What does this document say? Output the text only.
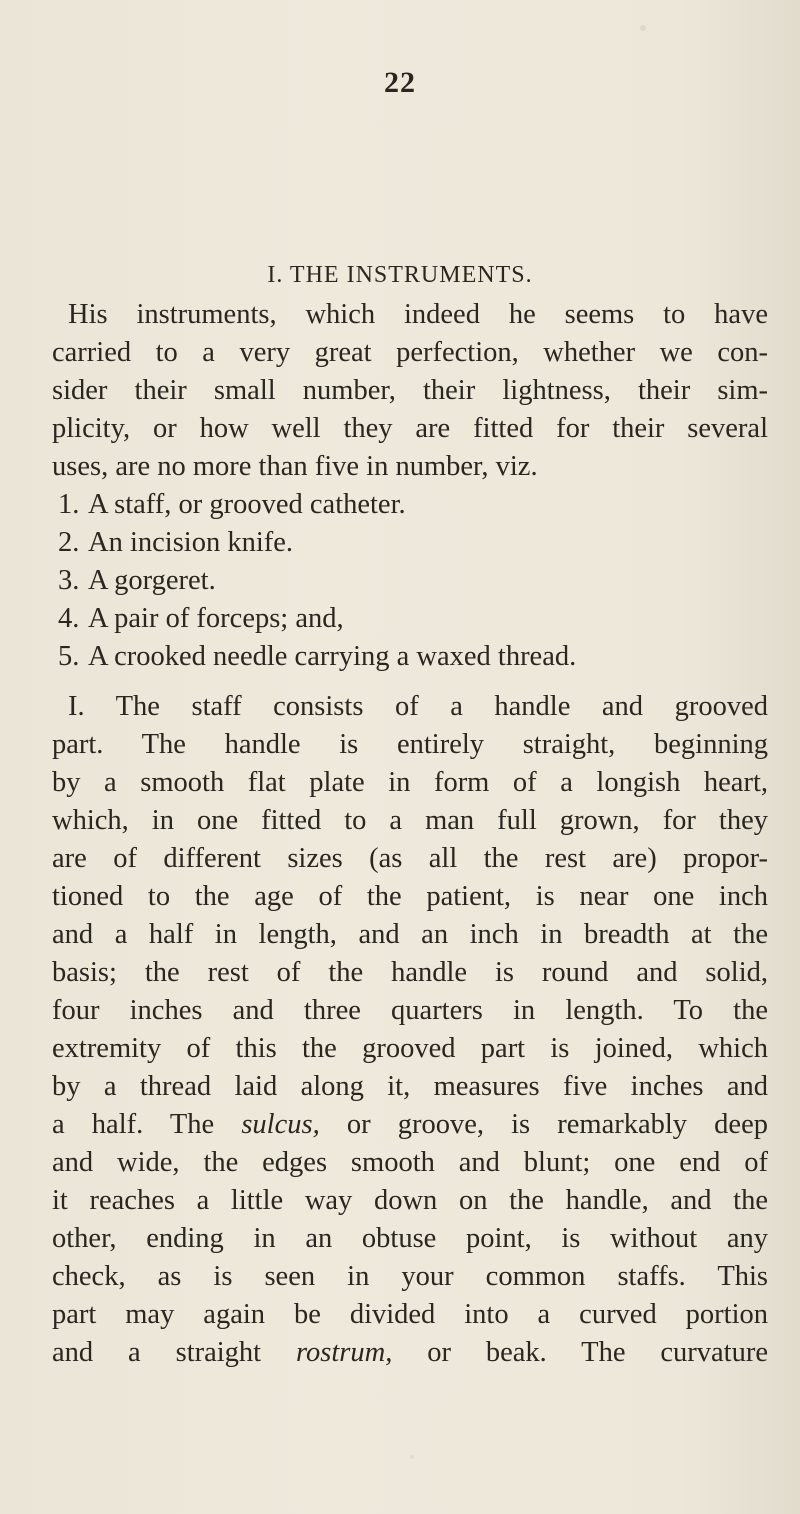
22
I. THE INSTRUMENTS.
His instruments, which indeed he seems to have
carried to a very great perfection, whether we con-
sider their small number, their lightness, their sim-
plicity, or how well they are fitted for their several
uses, are no more than five in number, viz.
1. A staff, or grooved catheter.
2. An incision knife.
3. A gorgeret.
4. A pair of forceps; and,
5. A crooked needle carrying a waxed thread.
I. The staff consists of a handle and grooved
part. The handle is entirely straight, beginning
by a smooth flat plate in form of a longish heart,
which, in one fitted to a man full grown, for they
are of different sizes (as all the rest are) propor-
tioned to the age of the patient, is near one inch
and a half in length, and an inch in breadth at the
basis; the rest of the handle is round and solid,
four inches and three quarters in length. To the
extremity of this the grooved part is joined, which
by a thread laid along it, measures five inches and
a half. The sulcus, or groove, is remarkably deep
and wide, the edges smooth and blunt; one end of
it reaches a little way down on the handle, and the
other, ending in an obtuse point, is without any
check, as is seen in your common staffs. This
part may again be divided into a curved portion
and a straight rostrum, or beak. The curvature
